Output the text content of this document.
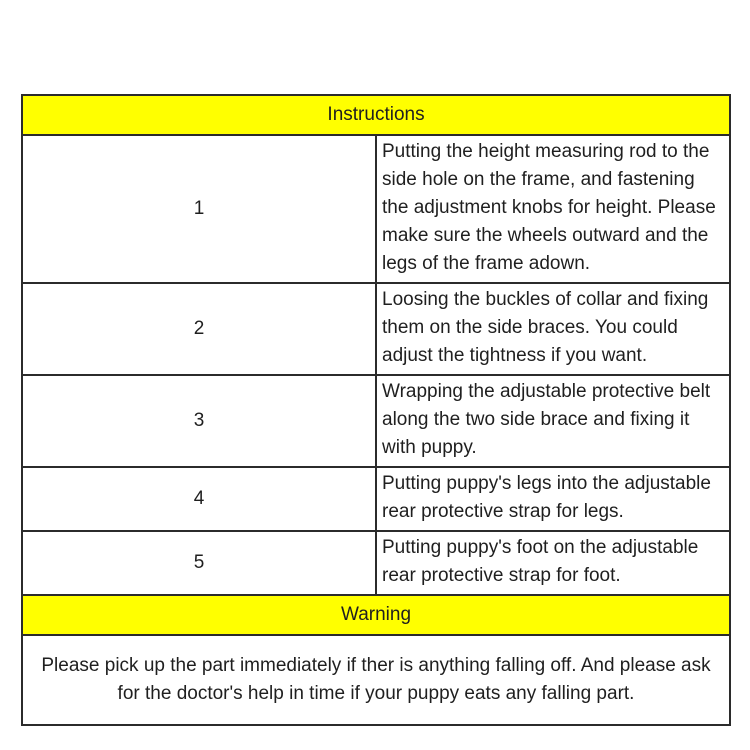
Instructions	
1	Putting the height measuring rod to the side hole on the frame, and fastening the adjustment knobs for height. Please make sure the wheels outward and the legs of the frame adown.
2	Loosing the buckles of collar and fixing them on the side braces. You could adjust the tightness if you want.
3	Wrapping the adjustable protective belt along the two side brace and fixing it with puppy.
4	Putting puppy's legs into the adjustable rear protective strap for legs.
5	Putting puppy's foot on the adjustable rear protective strap for foot.
Warning	
Please pick up the part immediately if ther is anything falling off. And please ask for the doctor's help in time if your puppy eats any falling part.	
